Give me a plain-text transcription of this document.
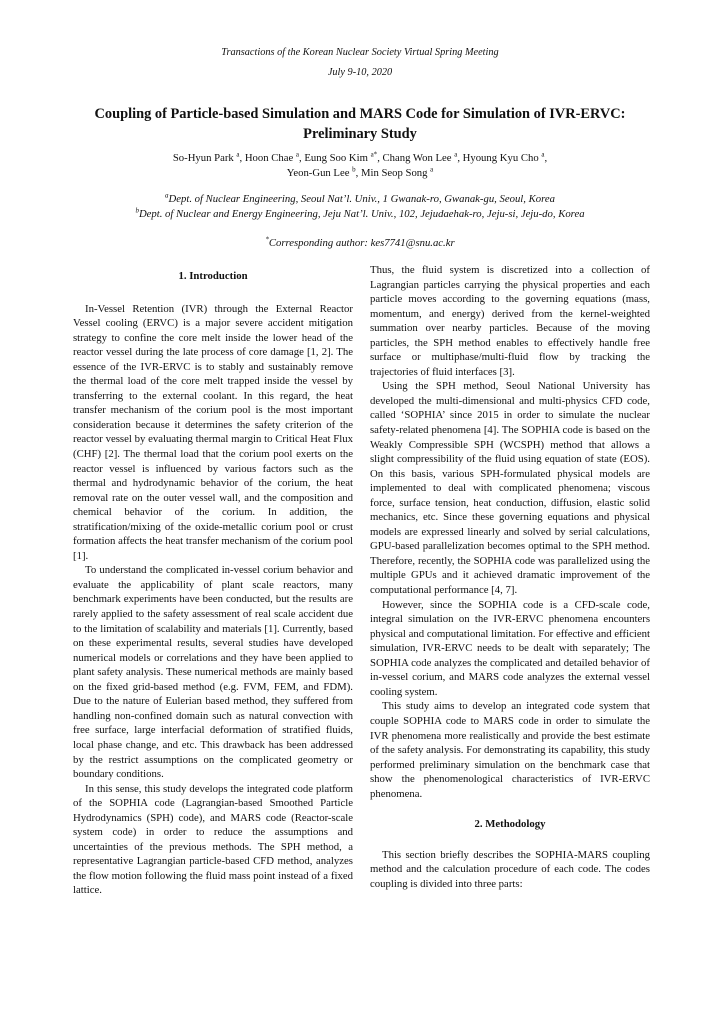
Transactions of the Korean Nuclear Society Virtual Spring Meeting
July 9-10, 2020
Coupling of Particle-based Simulation and MARS Code for Simulation of IVR-ERVC: Preliminary Study
So-Hyun Park $^a$, Hoon Chae $^a$, Eung Soo Kim $^{a*}$, Chang Won Lee $^a$, Hyoung Kyu Cho $^a$,
Yeon-Gun Lee $^b$, Min Seop Song $^a$
$^a$Dept. of Nuclear Engineering, Seoul Nat’l. Univ., 1 Gwanak-ro, Gwanak-gu, Seoul, Korea
$^b$Dept. of Nuclear and Energy Engineering, Jeju Nat’l. Univ., 102, Jejudaehak-ro, Jeju-si, Jeju-do, Korea
*Corresponding author: kes7741@snu.ac.kr
1. Introduction

In-Vessel Retention (IVR) through the External Reactor Vessel cooling (ERVC) is a major severe accident mitigation strategy to confine the core melt inside the lower head of the reactor vessel during the late process of core damage [1, 2]. The essence of the IVR-ERVC is to stably and sustainably remove the thermal load of the core melt trapped inside the vessel by transferring to the external coolant. In this regard, the heat transfer mechanism of the corium pool is the most important consideration because it determines the safety criterion of the reactor vessel by evaluating thermal margin to Critical Heat Flux (CHF) [2]. The thermal load that the corium pool exerts on the reactor vessel is influenced by various factors such as the thermal and hydrodynamic behavior of the corium, the heat removal rate on the outer vessel wall, and the composition and chemical behavior of the corium. In addition, the stratification/mixing of the oxide-metallic corium pool or crust formation affects the heat transfer mechanism of the corium pool [1].

To understand the complicated in-vessel corium behavior and evaluate the applicability of plant scale reactors, many benchmark experiments have been conducted, but the results are rarely applied to the safety assessment of real scale accident due to the limitation of scalability and materials [1]. Currently, based on these experimental results, several studies have developed numerical models or correlations and they have been applied to plant safety analysis. These numerical methods are mainly based on the fixed grid-based method (e.g. FVM, FEM, and FDM). Due to the nature of Eulerian based method, they suffered from handling non-confined domain such as natural convection with free surface, large interfacial deformation of stratified fluids, local phase change, and etc. This drawback has been addressed by the restrict assumptions on the complicated geometry or boundary conditions.

In this sense, this study develops the integrated code platform of the SOPHIA code (Lagrangian-based Smoothed Particle Hydrodynamics (SPH) code), and MARS code (Reactor-scale system code) in order to reduce the assumptions and uncertainties of the previous methods. The SPH method, a representative Lagrangian particle-based CFD method, analyzes the flow motion following the fluid mass point instead of a fixed lattice.

Thus, the fluid system is discretized into a collection of Lagrangian particles carrying the physical properties and each particle moves according to the governing equations (mass, momentum, and energy) derived from the kernel-weighted summation over nearby particles. Because of the moving particles, the SPH method enables to effectively handle free surface or multiphase/multi-fluid flow by tracking the trajectories of fluid interfaces [3].

Using the SPH method, Seoul National University has developed the multi-dimensional and multi-physics CFD code, called ‘SOPHIA’ since 2015 in order to simulate the nuclear safety-related phenomena [4]. The SOPHIA code is based on the Weakly Compressible SPH (WCSPH) method that allows a slight compressibility of the fluid using equation of state (EOS). On this basis, various SPH-formulated physical models are implemented to deal with complicated phenomena; viscous force, surface tension, heat conduction, diffusion, elastic solid mechanics, etc. Since these governing equations and physical models are expressed linearly and solved by serial calculations, GPU-based parallelization becomes optimal to the SPH method. Therefore, recently, the SOPHIA code was parallelized using the multiple GPUs and it achieved dramatic improvement of the computational performance [4, 7].

However, since the SOPHIA code is a CFD-scale code, integral simulation on the IVR-ERVC phenomena encounters physical and computational limitation. For effective and efficient simulation, IVR-ERVC needs to be dealt with separately; The SOPHIA code analyzes the complicated and detailed behavior of in-vessel corium, and MARS code analyzes the external vessel cooling system.

This study aims to develop an integrated code system that couple SOPHIA code to MARS code in order to simulate the IVR phenomena more realistically and provide the best estimate of the safety analysis. For demonstrating its capability, this study performed preliminary simulation on the benchmark case that show the phenomenological characteristics of IVR-ERVC phenomena.

2. Methodology

This section briefly describes the SOPHIA-MARS coupling method and the calculation procedure of each code. The codes coupling is divided into three parts:
